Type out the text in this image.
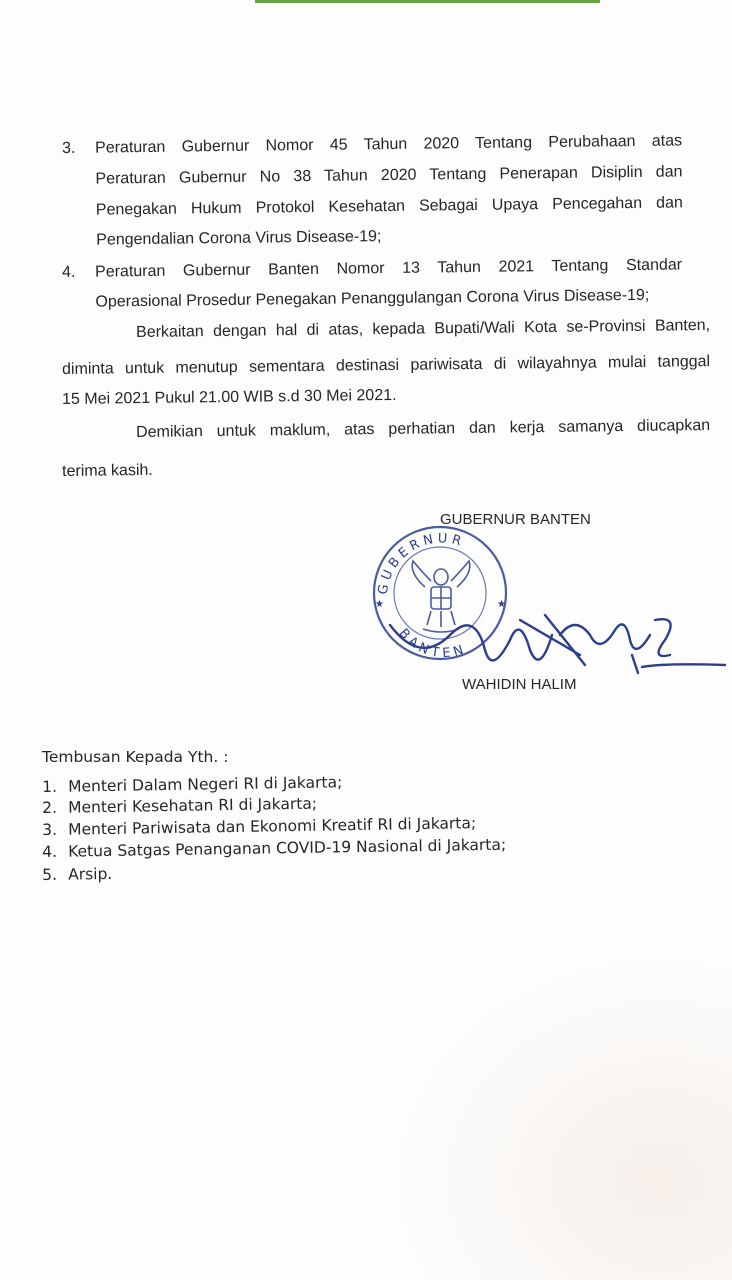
3. Peraturan Gubernur Nomor 45 Tahun 2020 Tentang Perubahaan atas
Peraturan Gubernur No 38 Tahun 2020 Tentang Penerapan Disiplin dan
Penegakan Hukum Protokol Kesehatan Sebagai Upaya Pencegahan dan
Pengendalian Corona Virus Disease-19;
4. Peraturan Gubernur Banten Nomor 13 Tahun 2021 Tentang Standar
Operasional Prosedur Penegakan Penanggulangan Corona Virus Disease-19;
Berkaitan dengan hal di atas, kepada Bupati/Wali Kota se-Provinsi Banten,
diminta untuk menutup sementara destinasi pariwisata di wilayahnya mulai tanggal
15 Mei 2021 Pukul 21.00 WIB s.d 30 Mei 2021.
Demikian untuk maklum, atas perhatian dan kerja samanya diucapkan
terima kasih.
GUBERNUR BANTEN
GUBERNUR
BANTEN
★	★
WAHIDIN HALIM
Tembusan Kepada Yth. :
1. Menteri Dalam Negeri RI di Jakarta;
2. Menteri Kesehatan RI di Jakarta;
3. Menteri Pariwisata dan Ekonomi Kreatif RI di Jakarta;
4. Ketua Satgas Penanganan COVID-19 Nasional di Jakarta;
5. Arsip.
